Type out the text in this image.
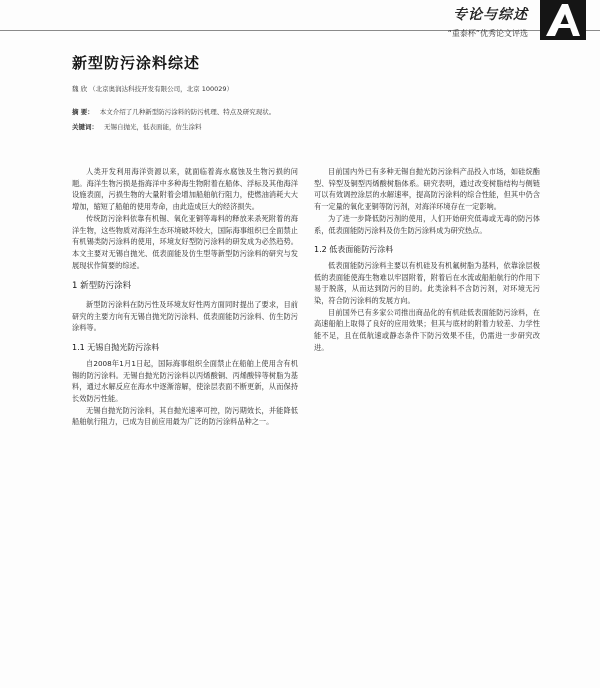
专论与综述
“重泰杯”优秀论文评选
新型防污涂料综述
魏 欣 （北京奥润达科技开发有限公司，北京 100029）
摘 要： 本文介绍了几种新型防污涂料的防污机理、特点及研究现状。
关键词： 无锡自抛光，低表面能，仿生涂料

人类开发利用海洋资源以来，就面临着海水腐蚀及生物污损的问题。海洋生物污损是指海洋中多种海生物附着在船体、浮标及其他海洋设施表面，污损生物的大量附着会增加船舶航行阻力，使燃油消耗大大增加，缩短了船舶的使用寿命，由此造成巨大的经济损失。

传统防污涂料依靠有机锡、氧化亚铜等毒料的释放来杀死附着的海洋生物，这些物质对海洋生态环境破坏较大，国际海事组织已全面禁止有机锡类防污涂料的使用，环境友好型防污涂料的研发成为必然趋势。本文主要对无锡自抛光、低表面能及仿生型等新型防污涂料的研究与发展现状作简要的综述。

1 新型防污涂料

新型防污涂料在防污性及环境友好性两方面同时提出了要求，目前研究的主要方向有无锡自抛光防污涂料、低表面能防污涂料、仿生防污涂料等。

1.1 无锡自抛光防污涂料

自2008年1月1日起，国际海事组织全面禁止在船舶上使用含有机锡的防污涂料。无锡自抛光防污涂料以丙烯酸铜、丙烯酸锌等树脂为基料，通过水解反应在海水中逐渐溶解，使涂层表面不断更新，从而保持长效防污性能。

无锡自抛光防污涂料，其自抛光速率可控，防污期效长，并能降低船舶航行阻力，已成为目前应用最为广泛的防污涂料品种之一。

目前国内外已有多种无锡自抛光防污涂料产品投入市场，如硅烷酯型、锌型及铜型丙烯酸树脂体系。研究表明，通过改变树脂结构与侧链可以有效调控涂层的水解速率，提高防污涂料的综合性能，但其中仍含有一定量的氧化亚铜等防污剂，对海洋环境存在一定影响。

为了进一步降低防污剂的使用，人们开始研究低毒或无毒的防污体系，低表面能防污涂料及仿生防污涂料成为研究热点。

1.2 低表面能防污涂料

低表面能防污涂料主要以有机硅及有机氟树脂为基料，依靠涂层极低的表面能使海生物难以牢固附着，附着后在水流或船舶航行的作用下易于脱落，从而达到防污的目的。此类涂料不含防污剂，对环境无污染，符合防污涂料的发展方向。

目前国外已有多家公司推出商品化的有机硅低表面能防污涂料，在高速船舶上取得了良好的应用效果；但其与底材的附着力较差、力学性能不足，且在低航速或静态条件下防污效果不佳，仍需进一步研究改进。
